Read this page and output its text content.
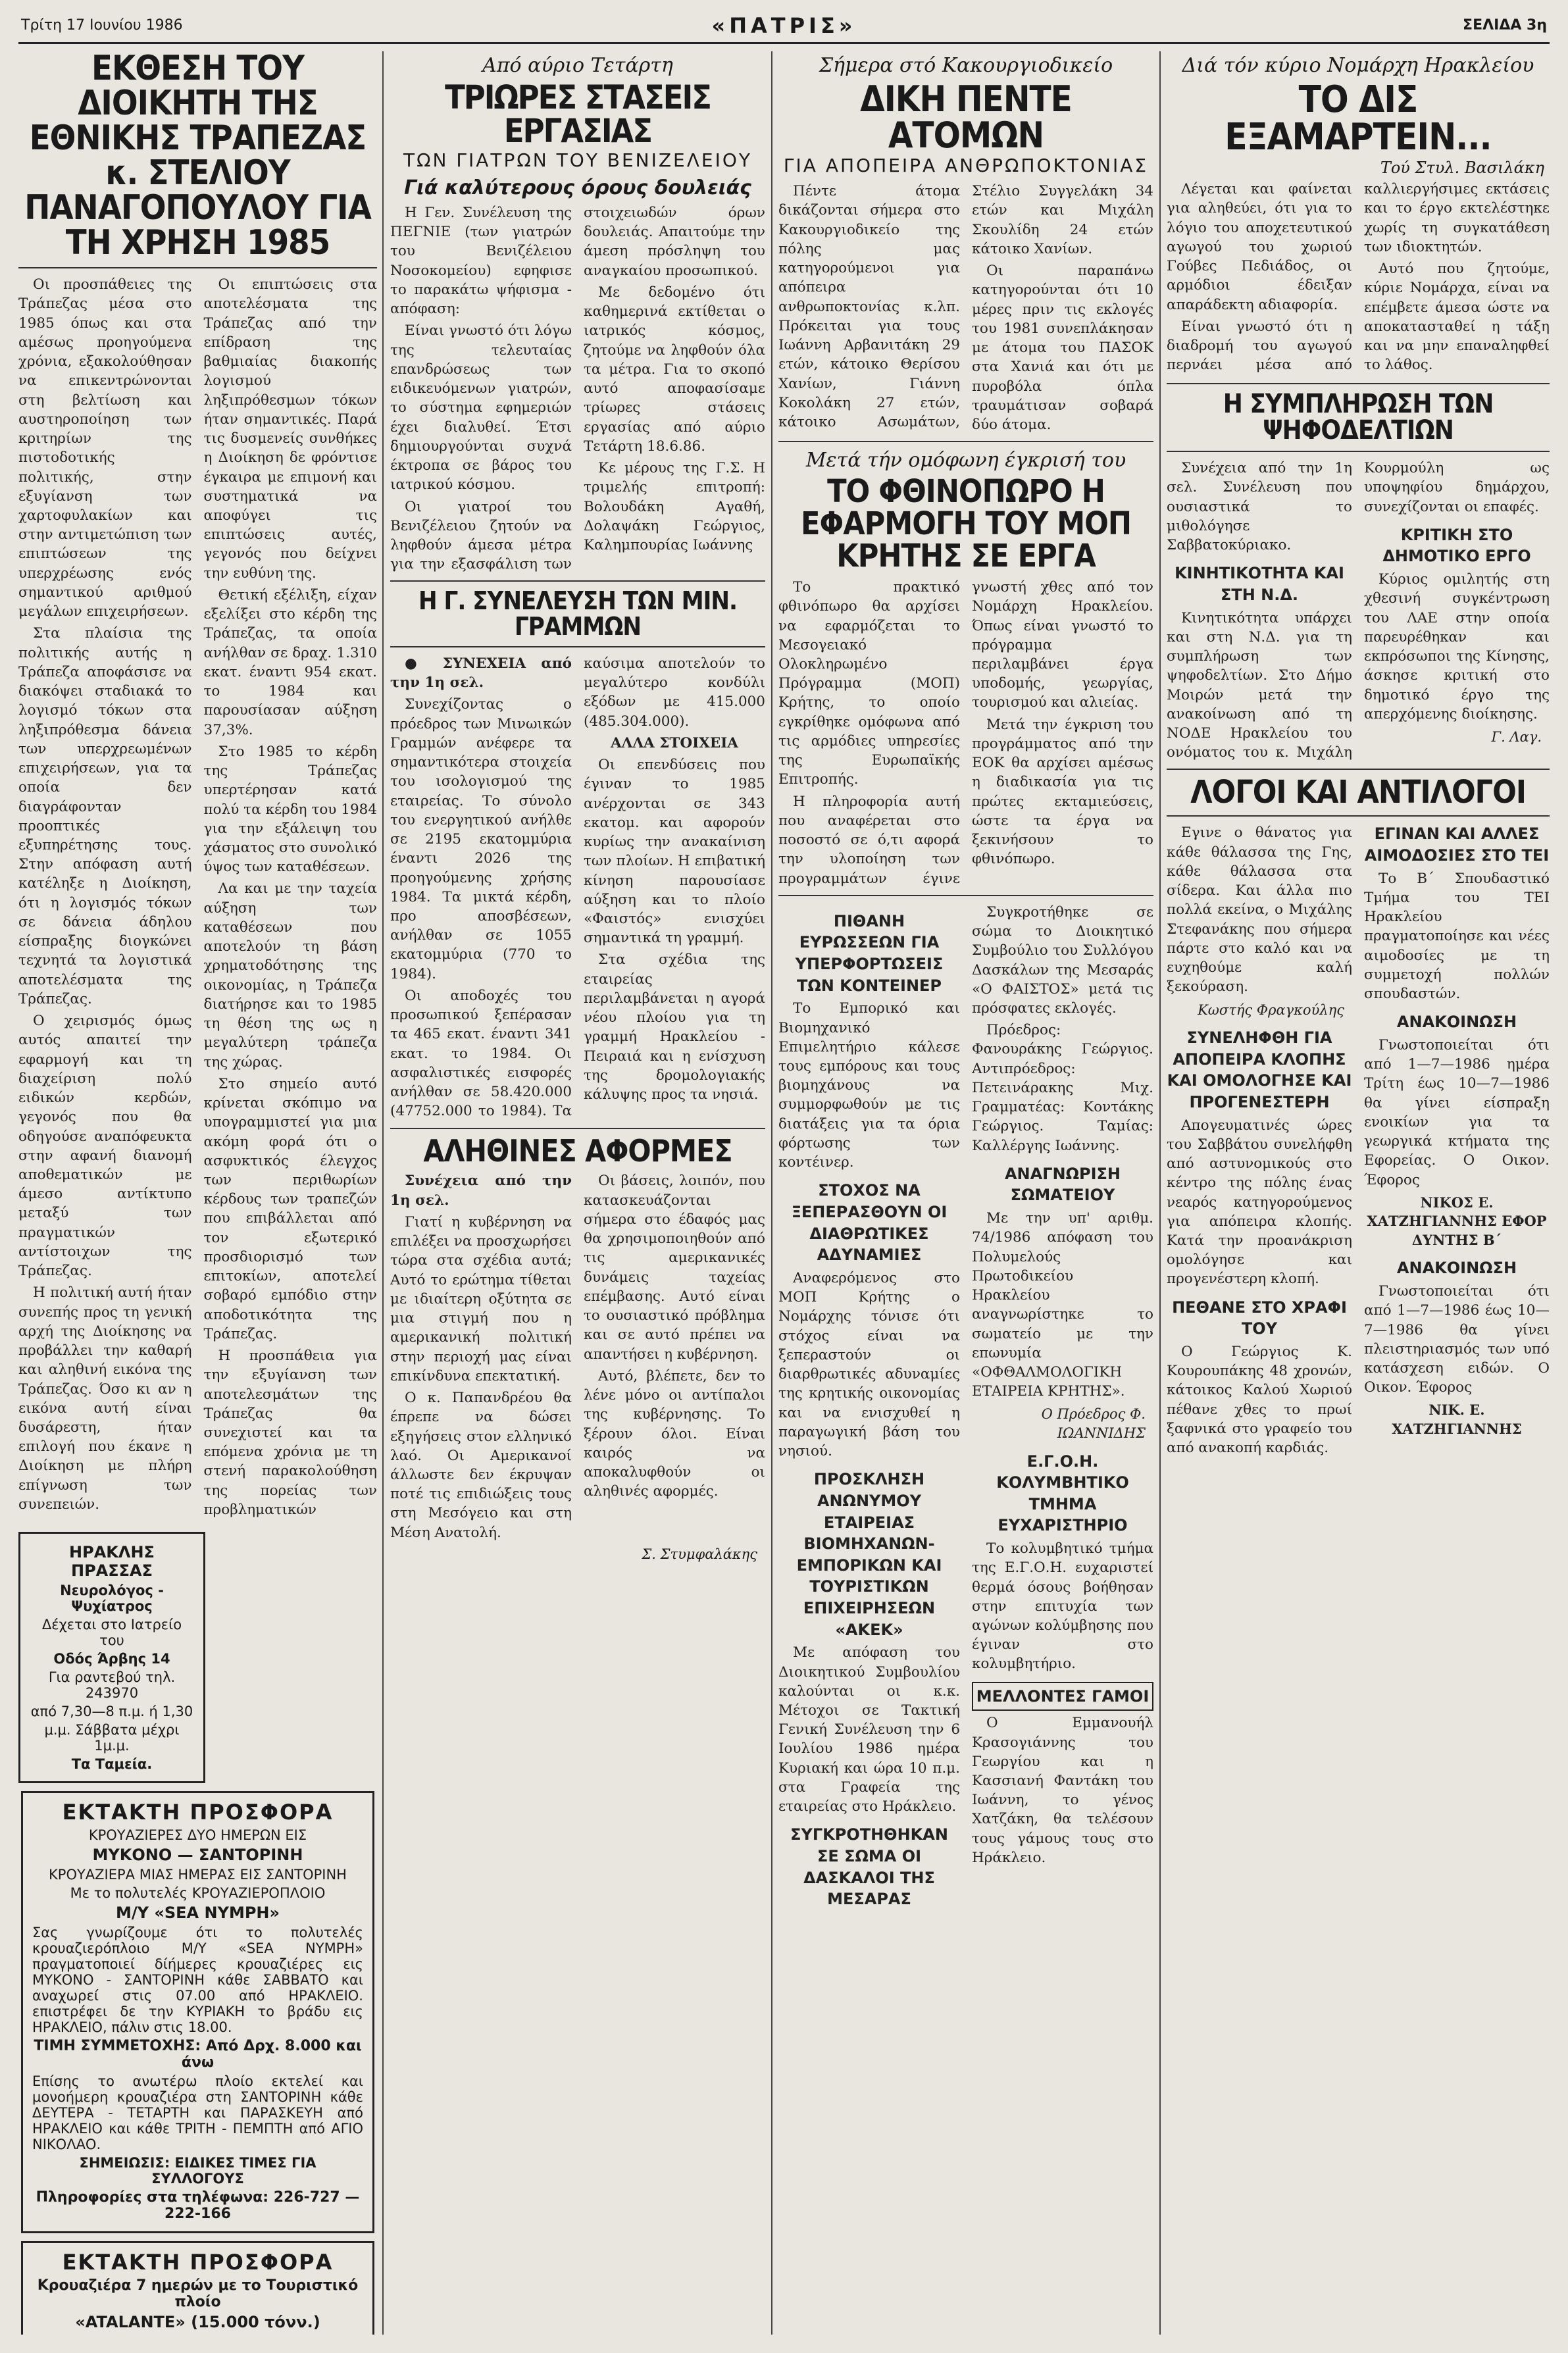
Τρίτη 17 Ιουνίου 1986	«ΠΑΤΡΙΣ»	ΣΕΛΙΔΑ 3η
ΕΚΘΕΣΗ ΤΟΥ ΔΙΟΙΚΗΤΗ ΤΗΣ ΕΘΝΙΚΗΣ ΤΡΑΠΕΖΑΣ κ. ΣΤΕΛΙΟΥ ΠΑΝΑΓΟΠΟΥΛΟΥ ΓΙΑ ΤΗ ΧΡΗΣΗ 1985

Οι προσπάθειες της Τράπεζας μέσα στο 1985 όπως και στα αμέσως προηγούμενα χρόνια, εξακολούθησαν να επικεντρώνονται στη βελτίωση και αυστηροποίηση των κριτηρίων της πιστοδοτικής πολιτικής, στην εξυγίανση των χαρτοφυλακίων και στην αντιμετώπιση των επιπτώσεων της υπερχρέωσης ενός σημαντικού αριθμού μεγάλων επιχειρήσεων.

Στα πλαίσια της πολιτικής αυτής η Τράπεζα αποφάσισε να διακόψει σταδιακά το λογισμό τόκων στα ληξιπρόθεσμα δάνεια των υπερχρεωμένων επιχειρήσεων, για τα οποία δεν διαγράφονταν προοπτικές εξυπηρέτησης τους. Στην απόφαση αυτή κατέληξε η Διοίκηση, ότι η λογισμός τόκων σε δάνεια άδηλου είσπραξης διογκώνει τεχνητά τα λογιστικά αποτελέσματα της Τράπεζας.

Ο χειρισμός όμως αυτός απαιτεί την εφαρμογή και τη διαχείριση πολύ ειδικών κερδών, γεγονός που θα οδηγούσε αναπόφευκτα στην αφανή διανομή αποθεματικών με άμεσο αντίκτυπο μεταξύ των πραγματικών αντίστοιχων της Τράπεζας.

Η πολιτική αυτή ήταν συνεπής προς τη γενική αρχή της Διοίκησης να προβάλλει την καθαρή και αληθινή εικόνα της Τράπεζας. Όσο κι αν η εικόνα αυτή είναι δυσάρεστη, ήταν επιλογή που έκανε η Διοίκηση με πλήρη επίγνωση των συνεπειών.

Οι επιπτώσεις στα αποτελέσματα της Τράπεζας από την επίδραση της βαθμιαίας διακοπής λογισμού ληξιπρόθεσμων τόκων ήταν σημαντικές. Παρά τις δυσμενείς συνθήκες η Διοίκηση δε φρόντισε έγκαιρα με επιμονή και συστηματικά να αποφύγει τις επιπτώσεις αυτές, γεγονός που δείχνει την ευθύνη της.

Θετική εξέλιξη, είχαν εξελίξει στο κέρδη της Τράπεζας, τα οποία ανήλθαν σε δραχ. 1.310 εκατ. έναντι 954 εκατ. το 1984 και παρουσίασαν αύξηση 37,3%.

Στο 1985 το κέρδη της Τράπεζας υπερτέρησαν κατά πολύ τα κέρδη του 1984 για την εξάλειψη του χάσματος στο συνολικό ύψος των καταθέσεων.

Λα και με την ταχεία αύξηση των καταθέσεων που αποτελούν τη βάση χρηματοδότησης της οικονομίας, η Τράπεζα διατήρησε και το 1985 τη θέση της ως η μεγαλύτερη τράπεζα της χώρας.

Στο σημείο αυτό κρίνεται σκόπιμο να υπογραμμιστεί για μια ακόμη φορά ότι ο ασφυκτικός έλεγχος των περιθωρίων κέρδους των τραπεζών που επιβάλλεται από τον εξωτερικό προσδιορισμό των επιτοκίων, αποτελεί σοβαρό εμπόδιο στην αποδοτικότητα της Τράπεζας.

Η προσπάθεια για την εξυγίανση των αποτελεσμάτων της Τράπεζας θα συνεχιστεί και τα επόμενα χρόνια με τη στενή παρακολούθηση της πορείας των προβληματικών

ΗΡΑΚΛΗΣ ΠΡΑΣΣΑΣ
Νευρολόγος - Ψυχίατρος
Δέχεται στο Ιατρείο του
Οδός Άρβης 14
Για ραντεβού τηλ. 243970
από 7,30—8 π.μ. ή 1,30
μ.μ. Σάββατα μέχρι 1μ.μ.
Τα Ταμεία.
ΕΚΤΑΚΤΗ ΠΡΟΣΦΟΡΑ
ΚΡΟΥΑΖΙΕΡΕΣ ΔΥΟ ΗΜΕΡΩΝ ΕΙΣ
ΜΥΚΟΝΟ — ΣΑΝΤΟΡΙΝΗ
ΚΡΟΥΑΖΙΕΡΑ ΜΙΑΣ ΗΜΕΡΑΣ ΕΙΣ ΣΑΝΤΟΡΙΝΗ
Με το πολυτελές ΚΡΟΥΑΖΙΕΡΟΠΛΟΙΟ
Μ/Υ «SEA ΝΥΜΡΗ»
Σας γνωρίζουμε ότι το πολυτελές κρουαζιερόπλοιο Μ/Υ «SEA NYMPH» πραγματοποιεί δίήμερες κρουαζιέρες εις ΜΥΚΟΝΟ - ΣΑΝΤΟΡΙΝΗ κάθε ΣΑΒΒΑΤΟ και αναχωρεί στις 07.00 από ΗΡΑΚΛΕΙΟ. επιστρέφει δε την ΚΥΡΙΑΚΗ το βράδυ εις ΗΡΑΚΛΕΙΟ, πάλιν στις 18.00.
ΤΙΜΗ ΣΥΜΜΕΤΟΧΗΣ: Από Δρχ. 8.000 και άνω
Επίσης το ανωτέρω πλοίο εκτελεί και μονοήμερη κρουαζιέρα στη ΣΑΝΤΟΡΙΝΗ κάθε ΔΕΥΤΕΡΑ - ΤΕΤΑΡΤΗ και ΠΑΡΑΣΚΕΥΗ από ΗΡΑΚΛΕΙΟ και κάθε ΤΡΙΤΗ - ΠΕΜΠΤΗ από ΑΓΙΟ ΝΙΚΟΛΑΟ.
ΣΗΜΕΙΩΣΙΣ: ΕΙΔΙΚΕΣ ΤΙΜΕΣ ΓΙΑ ΣΥΛΛΟΓΟΥΣ
Πληροφορίες στα τηλέφωνα: 226-727 — 222-166
ΕΚΤΑΚΤΗ ΠΡΟΣΦΟΡΑ
Κρουαζιέρα 7 ημερών με το Τουριστικό πλοίο
«ATALANTE» (15.000 τόνν.)
Από αύριο Τετάρτη
ΤΡΙΩΡΕΣ ΣΤΑΣΕΙΣ ΕΡΓΑΣΙΑΣ
ΤΩΝ ΓΙΑΤΡΩΝ ΤΟΥ ΒΕΝΙΖΕΛΕΙΟΥ
Γιά καλύτερους όρους δουλειάς

Η Γεν. Συνέλευση της ΠΕΓΝΙΕ (των γιατρών του Βενιζέλειου Νοσοκομείου) εφηφισε το παρακάτω ψήφισμα - απόφαση:

Είναι γνωστό ότι λόγω της τελευταίας επανδρώσεως των ειδικευόμενων γιατρών, το σύστημα εφημεριών έχει διαλυθεί. Έτσι δημιουργούνται συχνά έκτροπα σε βάρος του ιατρικού κόσμου.

Οι γιατροί του Βενιζέλειου ζητούν να ληφθούν άμεσα μέτρα για την εξασφάλιση των στοιχειωδών όρων δουλειάς. Απαιτούμε την άμεση πρόσληψη του αναγκαίου προσωπικού.

Με δεδομένο ότι καθημερινά εκτίθεται ο ιατρικός κόσμος, ζητούμε να ληφθούν όλα τα μέτρα. Για το σκοπό αυτό αποφασίσαμε τρίωρες στάσεις εργασίας από αύριο Τετάρτη 18.6.86.

Κε μέρους της Γ.Σ. Η τριμελής επιτροπή: Βολουδάκη Αγαθή, Δολαψάκη Γεώργιος, Καλημπουρίας Ιωάννης

Η Γ. ΣΥΝΕΛΕΥΣΗ ΤΩΝ ΜΙΝ. ΓΡΑΜΜΩΝ

● ΣΥΝΕΧΕΙΑ από την 1η σελ.

Συνεχίζοντας ο πρόεδρος των Μινωικών Γραμμών ανέφερε τα σημαντικότερα στοιχεία του ισολογισμού της εταιρείας. Το σύνολο του ενεργητικού ανήλθε σε 2195 εκατομμύρια έναντι 2026 της προηγούμενης χρήσης 1984. Τα μικτά κέρδη, προ αποσβέσεων, ανήλθαν σε 1055 εκατομμύρια (770 το 1984).

Οι αποδοχές του προσωπικού ξεπέρασαν τα 465 εκατ. έναντι 341 εκατ. το 1984. Οι ασφαλιστικές εισφορές ανήλθαν σε 58.420.000 (47752.000 το 1984). Τα καύσιμα αποτελούν το μεγαλύτερο κονδύλι εξόδων με 415.000 (485.304.000).

ΑΛΛΑ ΣΤΟΙΧΕΙΑ

Οι επενδύσεις που έγιναν το 1985 ανέρχονται σε 343 εκατομ. και αφορούν κυρίως την ανακαίνιση των πλοίων. Η επιβατική κίνηση παρουσίασε αύξηση και το πλοίο «Φαιστός» ενισχύει σημαντικά τη γραμμή.

Στα σχέδια της εταιρείας περιλαμβάνεται η αγορά νέου πλοίου για τη γραμμή Ηρακλείου - Πειραιά και η ενίσχυση της δρομολογιακής κάλυψης προς τα νησιά.

ΑΛΗΘΙΝΕΣ ΑΦΟΡΜΕΣ

Συνέχεια από την 1η σελ.

Γιατί η κυβέρνηση να επιλέξει να προσχωρήσει τώρα στα σχέδια αυτά; Αυτό το ερώτημα τίθεται με ιδιαίτερη οξύτητα σε μια στιγμή που η αμερικανική πολιτική στην περιοχή μας είναι επικίνδυνα επεκτατική.

Ο κ. Παπανδρέου θα έπρεπε να δώσει εξηγήσεις στον ελληνικό λαό. Οι Αμερικανοί άλλωστε δεν έκρυψαν ποτέ τις επιδιώξεις τους στη Μεσόγειο και στη Μέση Ανατολή.

Οι βάσεις, λοιπόν, που κατασκευάζονται σήμερα στο έδαφός μας θα χρησιμοποιηθούν από τις αμερικανικές δυνάμεις ταχείας επέμβασης. Αυτό είναι το ουσιαστικό πρόβλημα και σε αυτό πρέπει να απαντήσει η κυβέρνηση.

Αυτό, βλέπετε, δεν το λένε μόνο οι αντίπαλοι της κυβέρνησης. Το ξέρουν όλοι. Είναι καιρός να αποκαλυφθούν οι αληθινές αφορμές.

Σ. Στυμφαλάκης
Σήμερα στό Κακουργιοδικείο
ΔΙΚΗ ΠΕΝΤΕ ΑΤΟΜΩΝ
ΓΙΑ ΑΠΟΠΕΙΡΑ ΑΝΘΡΩΠΟΚΤΟΝΙΑΣ

Πέντε άτομα δικάζονται σήμερα στο Κακουργιοδικείο της πόλης μας κατηγορούμενοι για απόπειρα ανθρωποκτονίας κ.λπ. Πρόκειται για τους Ιωάννη Αρβανιτάκη 29 ετών, κάτοικο Θερίσου Χανίων, Γιάννη Κοκολάκη 27 ετών, κάτοικο Ασωμάτων, Στέλιο Συγγελάκη 34 ετών και Μιχάλη Σκουλίδη 24 ετών κάτοικο Χανίων.

Οι παραπάνω κατηγορούνται ότι 10 μέρες πριν τις εκλογές του 1981 συνεπλάκησαν με άτομα του ΠΑΣΟΚ στα Χανιά και ότι με πυροβόλα όπλα τραυμάτισαν σοβαρά δύο άτομα.

Μετά τήν ομόφωνη έγκρισή του
ΤΟ ΦΘΙΝΟΠΩΡΟ Η ΕΦΑΡΜΟΓΗ ΤΟΥ ΜΟΠ ΚΡΗΤΗΣ ΣΕ ΕΡΓΑ

Το πρακτικό φθινόπωρο θα αρχίσει να εφαρμόζεται το Μεσογειακό Ολοκληρωμένο Πρόγραμμα (ΜΟΠ) Κρήτης, το οποίο εγκρίθηκε ομόφωνα από τις αρμόδιες υπηρεσίες της Ευρωπαϊκής Επιτροπής.

Η πληροφορία αυτή που αναφέρεται στο ποσοστό σε ό,τι αφορά την υλοποίηση των προγραμμάτων έγινε γνωστή χθες από τον Νομάρχη Ηρακλείου. Όπως είναι γνωστό το πρόγραμμα περιλαμβάνει έργα υποδομής, γεωργίας, τουρισμού και αλιείας.

Μετά την έγκριση του προγράμματος από την ΕΟΚ θα αρχίσει αμέσως η διαδικασία για τις πρώτες εκταμιεύσεις, ώστε τα έργα να ξεκινήσουν το φθινόπωρο.

ΠΙΘΑΝΗ ΕΥΡΩΣΣΕΩΝ ΓΙΑ ΥΠΕΡΦΟΡΤΩΣΕΙΣ ΤΩΝ ΚΟΝΤΕΙΝΕΡ

Το Εμπορικό και Βιομηχανικό Επιμελητήριο κάλεσε τους εμπόρους και τους βιομηχάνους να συμμορφωθούν με τις διατάξεις για τα όρια φόρτωσης των κοντέινερ.

ΣΤΟΧΟΣ ΝΑ ΞΕΠΕΡΑΣΘΟΥΝ ΟΙ ΔΙΑΘΡΩΤΙΚΕΣ ΑΔΥΝΑΜΙΕΣ

Αναφερόμενος στο ΜΟΠ Κρήτης ο Νομάρχης τόνισε ότι στόχος είναι να ξεπεραστούν οι διαρθρωτικές αδυναμίες της κρητικής οικονομίας και να ενισχυθεί η παραγωγική βάση του νησιού.

ΠΡΟΣΚΛΗΣΗ ΑΝΩΝΥΜΟΥ ΕΤΑΙΡΕΙΑΣ ΒΙΟΜΗΧΑΝΩΝ-ΕΜΠΟΡΙΚΩΝ ΚΑΙ ΤΟΥΡΙΣΤΙΚΩΝ ΕΠΙΧΕΙΡΗΣΕΩΝ «ΑΚΕΚ»

Με απόφαση του Διοικητικού Συμβουλίου καλούνται οι κ.κ. Μέτοχοι σε Τακτική Γενική Συνέλευση την 6 Ιουλίου 1986 ημέρα Κυριακή και ώρα 10 π.μ. στα Γραφεία της εταιρείας στο Ηράκλειο.

ΣΥΓΚΡΟΤΗΘΗΚΑΝ ΣΕ ΣΩΜΑ ΟΙ ΔΑΣΚΑΛΟΙ ΤΗΣ ΜΕΣΑΡΑΣ

Συγκροτήθηκε σε σώμα το Διοικητικό Συμβούλιο του Συλλόγου Δασκάλων της Μεσαράς «Ο ΦΑΙΣΤΟΣ» μετά τις πρόσφατες εκλογές.

Πρόεδρος: Φανουράκης Γεώργιος. Αντιπρόεδρος: Πετεινάρακης Μιχ. Γραμματέας: Κοντάκης Γεώργιος. Ταμίας: Καλλέργης Ιωάννης.

ΑΝΑΓΝΩΡΙΣΗ ΣΩΜΑΤΕΙΟΥ

Με την υπ' αριθμ. 74/1986 απόφαση του Πολυμελούς Πρωτοδικείου Ηρακλείου αναγνωρίστηκε το σωματείο με την επωνυμία «ΟΦΘΑΛΜΟΛΟΓΙΚΗ ΕΤΑΙΡΕΙΑ ΚΡΗΤΗΣ».

Ο Πρόεδρος Φ. ΙΩΑΝΝΙΔΗΣ
Ε.Γ.Ο.Η. ΚΟΛΥΜΒΗΤΙΚΟ ΤΜΗΜΑ ΕΥΧΑΡΙΣΤΗΡΙΟ

Το κολυμβητικό τμήμα της Ε.Γ.Ο.Η. ευχαριστεί θερμά όσους βοήθησαν στην επιτυχία των αγώνων κολύμβησης που έγιναν στο κολυμβητήριο.

ΜΕΛΛΟΝΤΕΣ ΓΑΜΟΙ

Ο Εμμανουήλ Κρασογιάννης του Γεωργίου και η Κασσιανή Φαντάκη του Ιωάννη, το γένος Χατζάκη, θα τελέσουν τους γάμους τους στο Ηράκλειο.

Διά τόν κύριο Νομάρχη Ηρακλείου
ΤΟ ΔΙΣ ΕΞΑΜΑΡΤΕΙΝ...
Τού Στυλ. Βασιλάκη

Λέγεται και φαίνεται για αληθεύει, ότι για το λόγιο του αποχετευτικού αγωγού του χωριού Γούβες Πεδιάδος, οι αρμόδιοι έδειξαν απαράδεκτη αδιαφορία.

Είναι γνωστό ότι η διαδρομή του αγωγού περνάει μέσα από καλλιεργήσιμες εκτάσεις και το έργο εκτελέστηκε χωρίς τη συγκατάθεση των ιδιοκτητών.

Αυτό που ζητούμε, κύριε Νομάρχα, είναι να επέμβετε άμεσα ώστε να αποκατασταθεί η τάξη και να μην επαναληφθεί το λάθος.

Η ΣΥΜΠΛΗΡΩΣΗ ΤΩΝ ΨΗΦΟΔΕΛΤΙΩΝ

Συνέχεια από την 1η σελ. Συνέλευση που ουσιαστικά το μιθολόγησε Σαββατοκύριακο.

ΚΙΝΗΤΙΚΟΤΗΤΑ ΚΑΙ ΣΤΗ Ν.Δ.

Κινητικότητα υπάρχει και στη Ν.Δ. για τη συμπλήρωση των ψηφοδελτίων. Στο Δήμο Μοιρών μετά την ανακοίνωση από τη ΝΟΔΕ Ηρακλείου του ονόματος του κ. Μιχάλη Κουρμούλη ως υποψηφίου δημάρχου, συνεχίζονται οι επαφές.

ΚΡΙΤΙΚΗ ΣΤΟ ΔΗΜΟΤΙΚΟ ΕΡΓΟ

Κύριος ομιλητής στη χθεσινή συγκέντρωση του ΛΑΕ στην οποία παρευρέθηκαν και εκπρόσωποι της Κίνησης, άσκησε κριτική στο δημοτικό έργο της απερχόμενης διοίκησης.

Γ. Λαγ.
ΛΟΓΟΙ ΚΑΙ ΑΝΤΙΛΟΓΟΙ

Εγινε ο θάνατος για κάθε θάλασσα της Γης, κάθε θάλασσα στα σίδερα. Και άλλα πιο πολλά εκείνα, ο Μιχάλης Στεφανάκης που σήμερα πάρτε στο καλό και να ευχηθούμε καλή ξεκούραση.

Κωστής Φραγκούλης
ΣΥΝΕΛΗΦΘΗ ΓΙΑ ΑΠΟΠΕΙΡΑ ΚΛΟΠΗΣ ΚΑΙ ΟΜΟΛΟΓΗΣΕ ΚΑΙ ΠΡΟΓΕΝΕΣΤΕΡΗ

Απογευματινές ώρες του Σαββάτου συνελήφθη από αστυνομικούς στο κέντρο της πόλης ένας νεαρός κατηγορούμενος για απόπειρα κλοπής. Κατά την προανάκριση ομολόγησε και προγενέστερη κλοπή.

ΠΕΘΑΝΕ ΣΤΟ ΧΡΑΦΙ ΤΟΥ

Ο Γεώργιος Κ. Κουρουπάκης 48 χρονών, κάτοικος Καλού Χωριού πέθανε χθες το πρωί ξαφνικά στο γραφείο του από ανακοπή καρδιάς.

ΕΓΙΝΑΝ ΚΑΙ ΑΛΛΕΣ ΑΙΜΟΔΟΣΙΕΣ ΣΤΟ ΤΕΙ

Το Β΄ Σπουδαστικό Τμήμα του ΤΕΙ Ηρακλείου πραγματοποίησε και νέες αιμοδοσίες με τη συμμετοχή πολλών σπουδαστών.

ΑΝΑΚΟΙΝΩΣΗ

Γνωστοποιείται ότι από 1—7—1986 ημέρα Τρίτη έως 10—7—1986 θα γίνει είσπραξη ενοικίων για τα γεωργικά κτήματα της Εφορείας. Ο Οικον. Έφορος

ΝΙΚΟΣ Ε. ΧΑΤΖΗΓΙΑΝΝΗΣ ΕΦΟΡ ΔΥΝΤΗΣ Β΄
ΑΝΑΚΟΙΝΩΣΗ

Γνωστοποιείται ότι από 1—7—1986 έως 10—7—1986 θα γίνει πλειστηριασμός των υπό κατάσχεση ειδών. Ο Οικον. Έφορος

ΝΙΚ. Ε. ΧΑΤΖΗΓΙΑΝΝΗΣ
